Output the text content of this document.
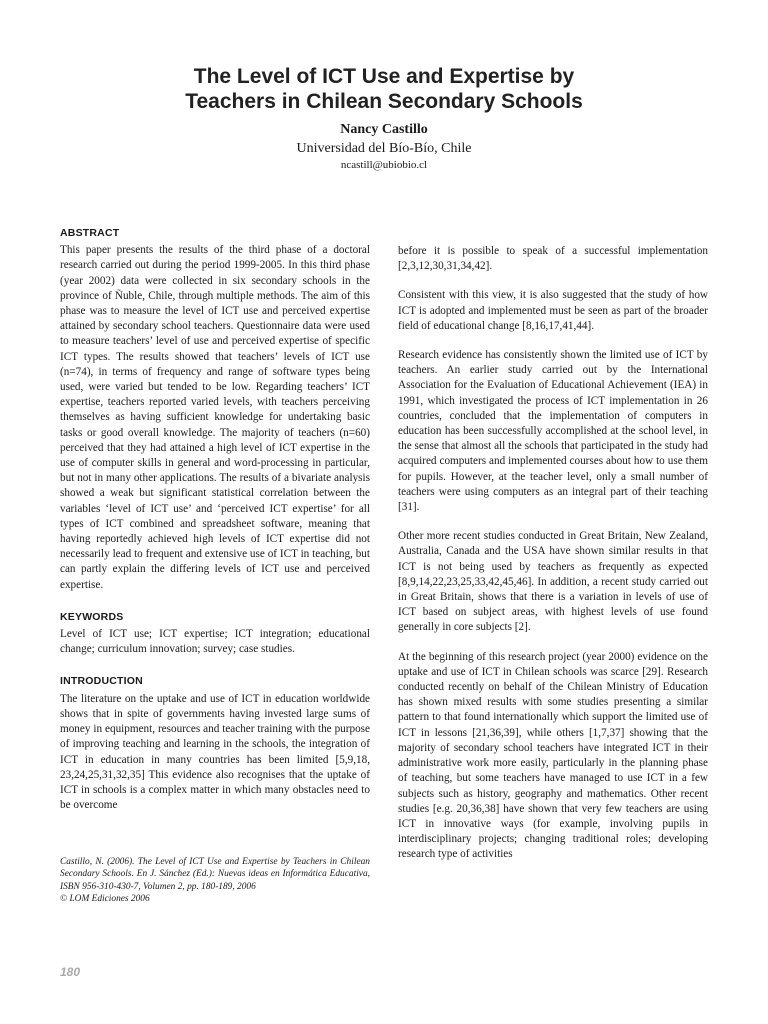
The Level of ICT Use and Expertise by
Teachers in Chilean Secondary Schools
Nancy Castillo
Universidad del Bío-Bío, Chile
ncastill@ubiobio.cl
ABSTRACT

This paper presents the results of the third phase of a doctoral research carried out during the period 1999-2005. In this third phase (year 2002) data were collected in six secondary schools in the province of Ñuble, Chile, through multiple methods. The aim of this phase was to measure the level of ICT use and perceived expertise attained by secondary school teachers. Questionnaire data were used to measure teachers’ level of use and perceived expertise of specific ICT types. The results showed that teachers’ levels of ICT use (n=74), in terms of frequency and range of software types being used, were varied but tended to be low. Regarding teachers’ ICT expertise, teachers reported varied levels, with teachers perceiving themselves as having sufficient knowledge for undertaking basic tasks or good overall knowledge. The majority of teachers (n=60) perceived that they had attained a high level of ICT expertise in the use of computer skills in general and word-processing in particular, but not in many other applications. The results of a bivariate analysis showed a weak but significant statistical correlation between the variables ‘level of ICT use’ and ‘perceived ICT expertise’ for all types of ICT combined and spreadsheet software, meaning that having reportedly achieved high levels of ICT expertise did not necessarily lead to frequent and extensive use of ICT in teaching, but can partly explain the differing levels of ICT use and perceived expertise.

KEYWORDS

Level of ICT use; ICT expertise; ICT integration; educational change; curriculum innovation; survey; case studies.

INTRODUCTION

The literature on the uptake and use of ICT in education worldwide shows that in spite of governments having invested large sums of money in equipment, resources and teacher training with the purpose of improving teaching and learning in the schools, the integration of ICT in education in many countries has been limited [5,9,18, 23,24,25,31,32,35] This evidence also recognises that the uptake of ICT in schools is a complex matter in which many obstacles need to be overcome

before it is possible to speak of a successful implementation [2,3,12,30,31,34,42].

Consistent with this view, it is also suggested that the study of how ICT is adopted and implemented must be seen as part of the broader field of educational change [8,16,17,41,44].

Research evidence has consistently shown the limited use of ICT by teachers. An earlier study carried out by the International Association for the Evaluation of Educational Achievement (IEA) in 1991, which investigated the process of ICT implementation in 26 countries, concluded that the implementation of computers in education has been successfully accomplished at the school level, in the sense that almost all the schools that participated in the study had acquired computers and implemented courses about how to use them for pupils. However, at the teacher level, only a small number of teachers were using computers as an integral part of their teaching [31].

Other more recent studies conducted in Great Britain, New Zealand, Australia, Canada and the USA have shown similar results in that ICT is not being used by teachers as frequently as expected [8,9,14,22,23,25,33,42,45,46]. In addition, a recent study carried out in Great Britain, shows that there is a variation in levels of use of ICT based on subject areas, with highest levels of use found generally in core subjects [2].

At the beginning of this research project (year 2000) evidence on the uptake and use of ICT in Chilean schools was scarce [29]. Research conducted recently on behalf of the Chilean Ministry of Education has shown mixed results with some studies presenting a similar pattern to that found internationally which support the limited use of ICT in lessons [21,36,39], while others [1,7,37] showing that the majority of secondary school teachers have integrated ICT in their administrative work more easily, particularly in the planning phase of teaching, but some teachers have managed to use ICT in a few subjects such as history, geography and mathematics. Other recent studies [e.g. 20,36,38] have shown that very few teachers are using ICT in innovative ways (for example, involving pupils in interdisciplinary projects; changing traditional roles; developing research type of activities

Castillo, N. (2006). The Level of ICT Use and Expertise by Teachers in Chilean Secondary Schools. En J. Sánchez (Ed.): Nuevas ideas en Informática Educativa, ISBN 956-310-430-7, Volumen 2, pp. 180-189, 2006
© LOM Ediciones 2006
180
